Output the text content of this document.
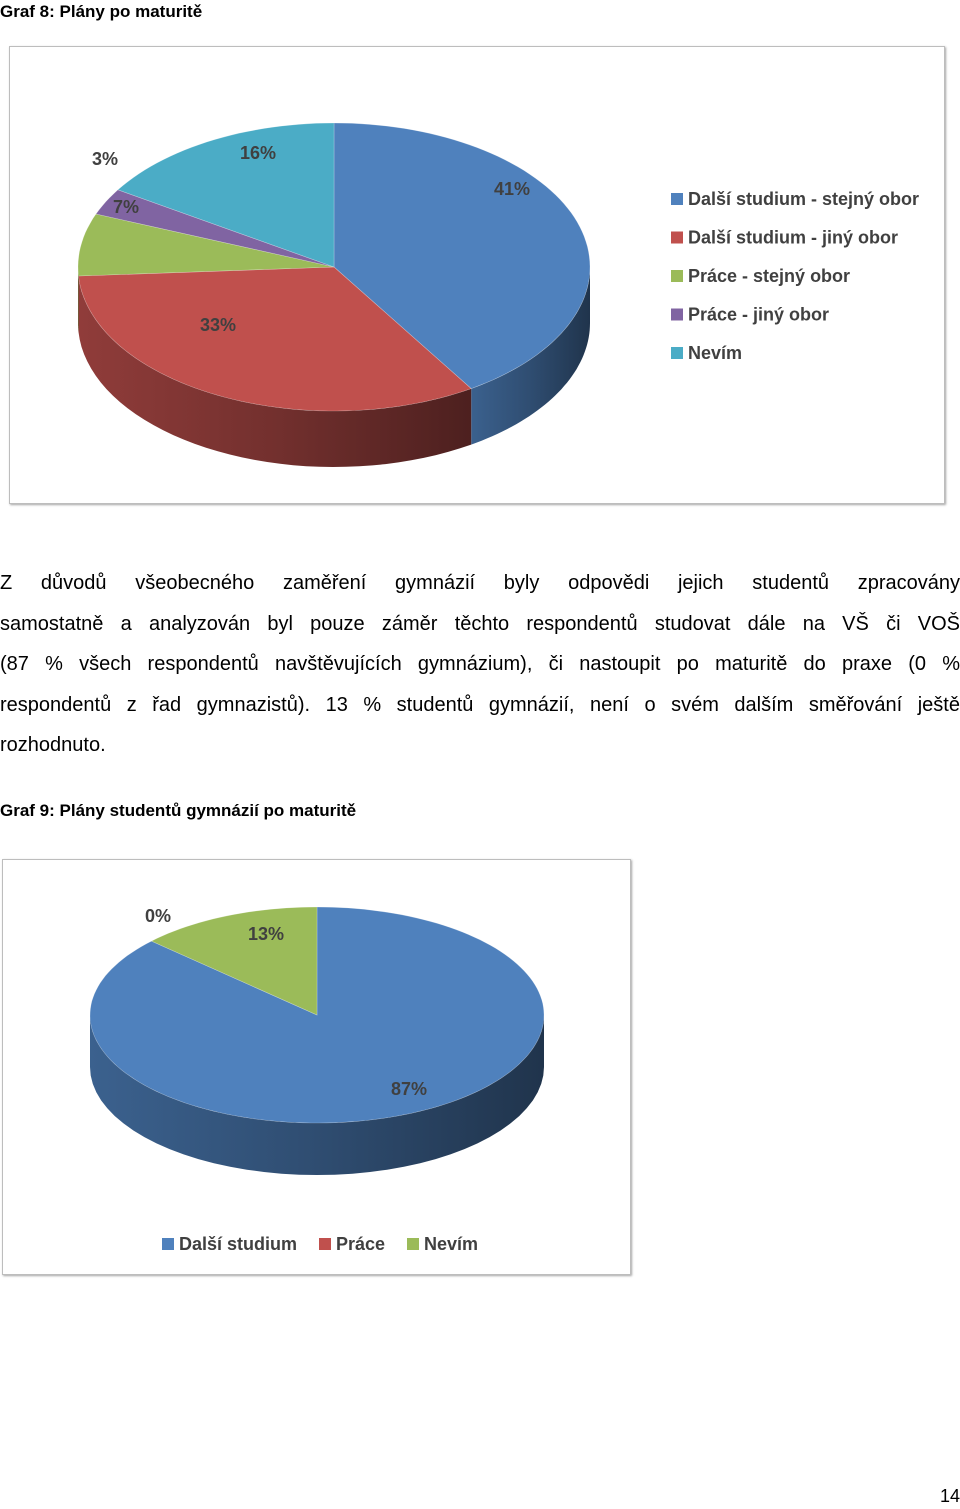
Graf 8: Plány po maturitě
41%
33%
7%
3%	16%
Další studium - stejný obor
Další studium - jiný obor
Práce - stejný obor
Práce - jiný obor
Nevím
Z důvodů všeobecného zaměření gymnázií byly odpovědi jejich studentů zpracovány
samostatně a analyzován byl pouze záměr těchto respondentů studovat dále na VŠ či VOŠ
(87 % všech respondentů navštěvujících gymnázium), či nastoupit po maturitě do praxe (0 %
respondentů z řad gymnazistů). 13 % studentů gymnázií, není o svém dalším směřování ještě
rozhodnuto.
Graf 9: Plány studentů gymnázií po maturitě
87%
0%
13%
Další studium Práce Nevím
14
